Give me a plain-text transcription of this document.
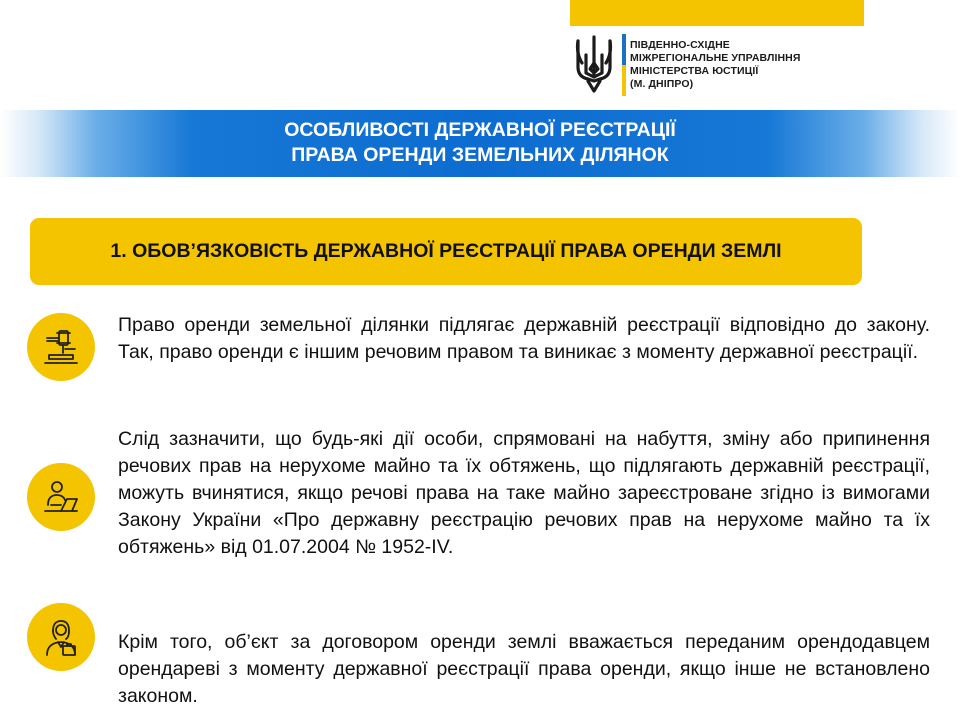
ПІВДЕННО-СХІДНЕ
МІЖРЕГІОНАЛЬНЕ УПРАВЛІННЯ
МІНІСТЕРСТВА ЮСТИЦІЇ
(М. ДНІПРО)
ОСОБЛИВОСТІ ДЕРЖАВНОЇ РЕЄСТРАЦІЇ
ПРАВА ОРЕНДИ ЗЕМЕЛЬНИХ ДІЛЯНОК
1. ОБОВ’ЯЗКОВІСТЬ ДЕРЖАВНОЇ РЕЄСТРАЦІЇ ПРАВА ОРЕНДИ ЗЕМЛІ
Право оренди земельної ділянки підлягає державній реєстрації відповідно до закону. Так, право оренди є іншим речовим правом та виникає з моменту державної реєстрації.
Слід зазначити, що будь-які дії особи, спрямовані на набуття, зміну або припинення речових прав на нерухоме майно та їх обтяжень, що підлягають державній реєстрації, можуть вчинятися, якщо речові права на таке майно зареєстроване згідно із вимогами Закону України «Про державну реєстрацію речових прав на нерухоме майно та їх обтяжень» від 01.07.2004 № 1952-IV.
Крім того, об’єкт за договором оренди землі вважається переданим орендодавцем орендареві з моменту державної реєстрації права оренди, якщо інше не встановлено законом.
